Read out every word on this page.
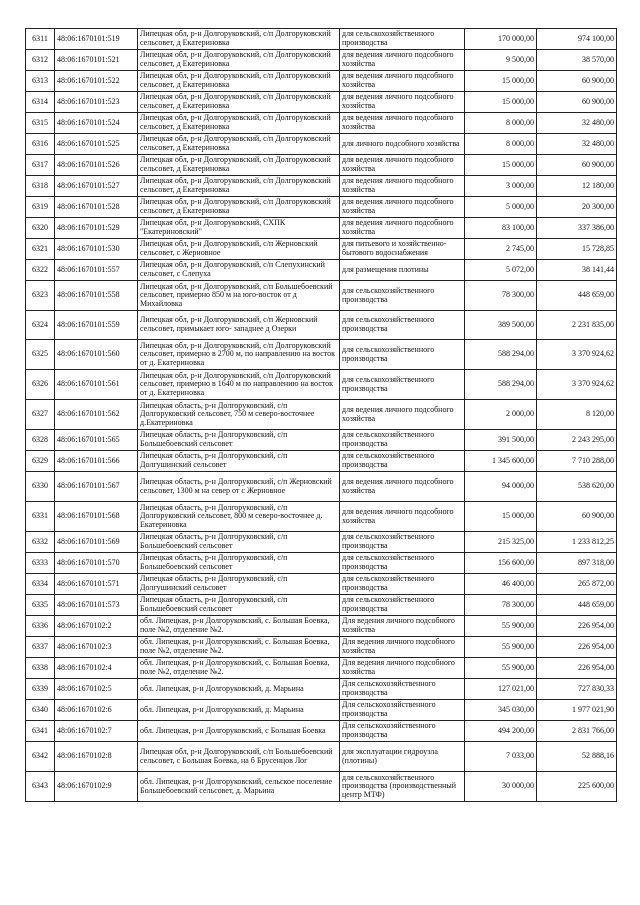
6311	48:06:1670101:519	Липецкая обл, р-н Долгоруковский, с/п Долгоруковский сельсовет, д Екатериновка	для сельскохозяйственного производства	170 000,00	974 100,00
6312	48:06:1670101:521	Липецкая обл, р-н Долгоруковский, с/п Долгоруковский сельсовет, д Екатериновка	для ведения личного подсобного хозяйства	9 500,00	38 570,00
6313	48:06:1670101:522	Липецкая обл, р-н Долгоруковский, с/п Долгоруковский сельсовет, д Екатериновка	для ведения личного подсобного хозяйства	15 000,00	60 900,00
6314	48:06:1670101:523	Липецкая обл, р-н Долгоруковский, с/п Долгоруковский сельсовет, д Екатериновка	для ведения личного подсобного хозяйства	15 000,00	60 900,00
6315	48:06:1670101:524	Липецкая обл, р-н Долгоруковский, с/п Долгоруковский сельсовет, д Екатериновка	для ведения личного подсобного хозяйства	8 000,00	32 480,00
6316	48:06:1670101:525	Липецкая обл, р-н Долгоруковский, с/п Долгоруковский сельсовет, д Екатериновка	для личного подсобного хозяйства	8 000,00	32 480,00
6317	48:06:1670101:526	Липецкая обл, р-н Долгоруковский, с/п Долгоруковский сельсовет, д Екатериновка	для ведения личного подсобного хозяйства	15 000,00	60 900,00
6318	48:06:1670101:527	Липецкая обл, р-н Долгоруковский, с/п Долгоруковский сельсовет, д Екатериновка	для ведения личного подсобного хозяйства	3 000,00	12 180,00
6319	48:06:1670101:528	Липецкая обл, р-н Долгоруковский, с/п Долгоруковский сельсовет, д Екатериновка	для ведения личного подсобного хозяйства	5 000,00	20 300,00
6320	48:06:1670101:529	Липецкая обл, р-н Долгоруковский, СХПК "Екатериновский"	для ведения личного подсобного хозяйства	83 100,00	337 386,00
6321	48:06:1670101:530	Липецкая обл, р-н Долгоруковский, с/п Жерновский сельсовет, с Жерновное	для питьевого и хозяйственно-бытового водоснабжения	2 745,00	15 728,85
6322	48:06:1670101:557	Липецкая обл, р-н Долгоруковский, с/п Слепухинский сельсовет, с Слепуха	для размещения плотины	5 072,00	38 141,44
6323	48:06:1670101:558	Липецкая обл, р-н Долгоруковский, с/п Большебоевский сельсовет, примерно 850 м на юго-восток от д Михайловка	для сельскохозяйственного производства	78 300,00	448 659,00
6324	48:06:1670101:559	Липецкая обл, р-н Долгоруковский, с/п Жерновский сельсовет, примыкает юго- западнее д Озерки	для сельскохозяйственного производства	389 500,00	2 231 835,00
6325	48:06:1670101:560	Липецкая обл, р-н Долгоруковский, с/п Долгоруковский сельсовет, примерно в 2700 м, по направлению на восток от д. Екатериновка	для сельскохозяйственного производства	588 294,00	3 370 924,62
6326	48:06:1670101:561	Липецкая обл, р-н Долгоруковский, с/п Долгоруковский сельсовет, примерно в 1640 м по направлению на восток от д. Екатериновка	для сельскохозяйственного производства	588 294,00	3 370 924,62
6327	48:06:1670101:562	Липецкая область, р-н Долгоруковский, с/п Долгоруковский сельсовет, 750 м северо-восточнее д.Екатериновка	для ведения личного подсобного хозяйства	2 000,00	8 120,00
6328	48:06:1670101:565	Липецкая область, р-н Долгоруковский, с/п Большебоевский сельсовет	для сельскохозяйственного производства	391 500,00	2 243 295,00
6329	48:06:1670101:566	Липецкая область, р-н Долгоруковский, с/п Долгушинский сельсовет	для сельскохозяйственного производства	1 345 600,00	7 710 288,00
6330	48:06:1670101:567	Липецкая область, р-н Долгоруковский, с/п Жерновский сельсовет, 1300 м на север от с Жерновное	для ведения личного подсобного хозяйства	94 000,00	538 620,00
6331	48:06:1670101:568	Липецкая область, р-н Долгоруковский, с/п Долгоруковский сельсовет, 800 м северо-восточнее д. Екатериновка	для ведения личного подсобного хозяйства	15 000,00	60 900,00
6332	48:06:1670101:569	Липецкая область, р-н Долгоруковский, с/п Большебоевский сельсовет	для сельскохозяйственного производства	215 325,00	1 233 812,25
6333	48:06:1670101:570	Липецкая область, р-н Долгоруковский, с/п Большебоевский сельсовет	для сельскохозяйственного производства	156 600,00	897 318,00
6334	48:06:1670101:571	Липецкая область, р-н Долгоруковский, с/п Долгушинский сельсовет	для сельскохозяйственного производства	46 400,00	265 872,00
6335	48:06:1670101:573	Липецкая область, р-н Долгоруковский, с/п Большебоевский сельсовет	для сельскохозяйственного производства	78 300,00	448 659,00
6336	48:06:1670102:2	обл. Липецкая, р-н Долгоруковский, с. Большая Боевка, поле №2, отделение №2.	Для ведения личного подсобного хозяйства	55 900,00	226 954,00
6337	48:06:1670102:3	обл. Липецкая, р-н Долгоруковский, с. Большая Боевка, поле №2, отделение №2.	Для ведения личного подсобного хозяйства	55 900,00	226 954,00
6338	48:06:1670102:4	обл. Липецкая, р-н Долгоруковский, с. Большая Боевка, поле №2, отделение №2.	Для ведения личного подсобного хозяйства	55 900,00	226 954,00
6339	48:06:1670102:5	обл. Липецкая, р-н Долгоруковский, д. Марьина	Для сельскохозяйственного производства	127 021,00	727 830,33
6340	48:06:1670102:6	обл. Липецкая, р-н Долгоруковский, д. Марьина	Для сельскохозяйственного производства	345 030,00	1 977 021,90
6341	48:06:1670102:7	обл. Липецкая, р-н Долгоруковский, с Большая Боевка	Для сельскохозяйственного производства	494 200,00	2 831 766,00
6342	48:06:1670102:8	Липецкая обл, р-н Долгоруковский, с/п Большебоевский сельсовет, с Большая Боевка, на б Брусенцов Лог	для эксплуатации гидроузла (плотины)	7 033,00	52 888,16
6343	48:06:1670102:9	обл. Липецкая, р-н Долгоруковский, сельское поселение Большебоевский сельсовет, д. Марьина	для сельскохозяйственного производства (производственный центр МТФ)	30 000,00	225 600,00
